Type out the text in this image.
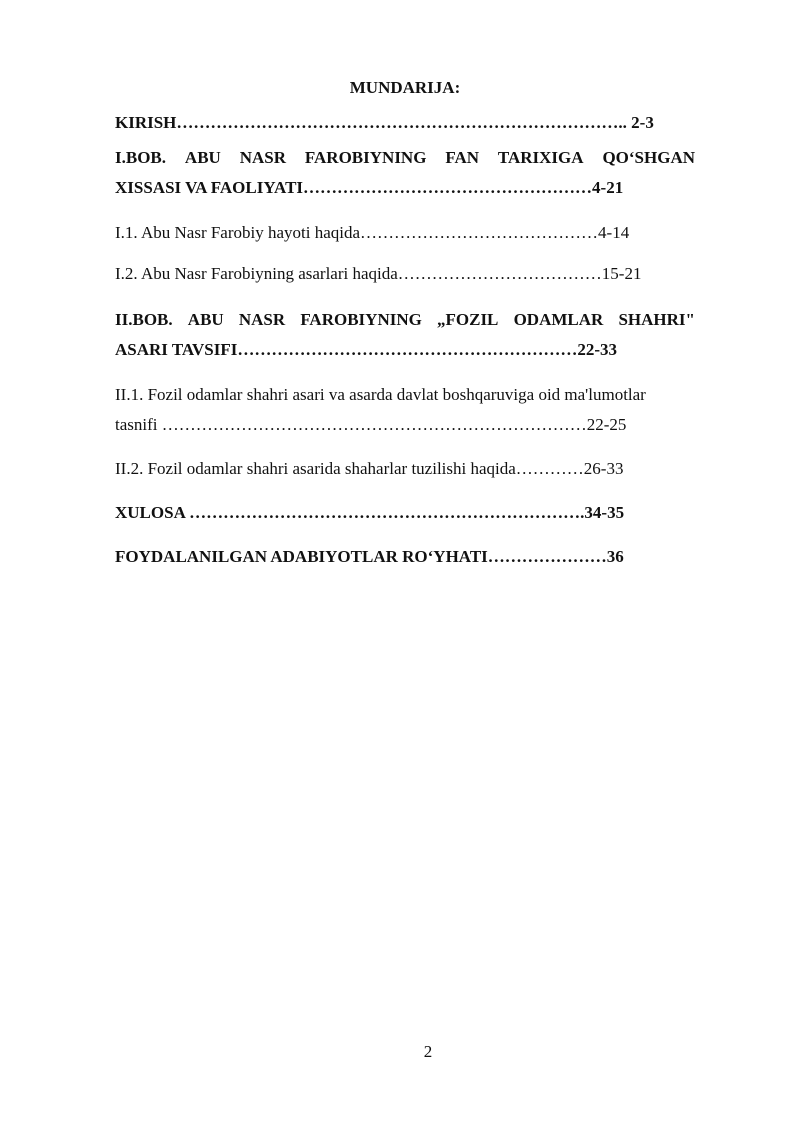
MUNDARIJA:
KIRISH…………………………………………………………………….. 2-3
I.BOB. ABU NASR FAROBIYNING FAN TARIXIGA QO‘SHGAN
XISSASI VA FAOLIYATI……………………………………………4-21
I.1. Abu Nasr Farobiy hayoti haqida……………………………………4-14
I.2. Abu Nasr Farobiyning asarlari haqida………………………………15-21
II.BOB. ABU NASR FAROBIYNING „FOZIL ODAMLAR SHAHRI"
ASARI TAVSIFI……………………………………………………22-33
II.1. Fozil odamlar shahri asari va asarda davlat boshqaruviga oid ma'lumotlar
tasnifi …………………………………………………………………22-25
II.2. Fozil odamlar shahri asarida shaharlar tuzilishi haqida…………26-33
XULOSA …………………………………………………………….34-35
FOYDALANILGAN ADABIYOTLAR RO‘YHATI…………………36
2
